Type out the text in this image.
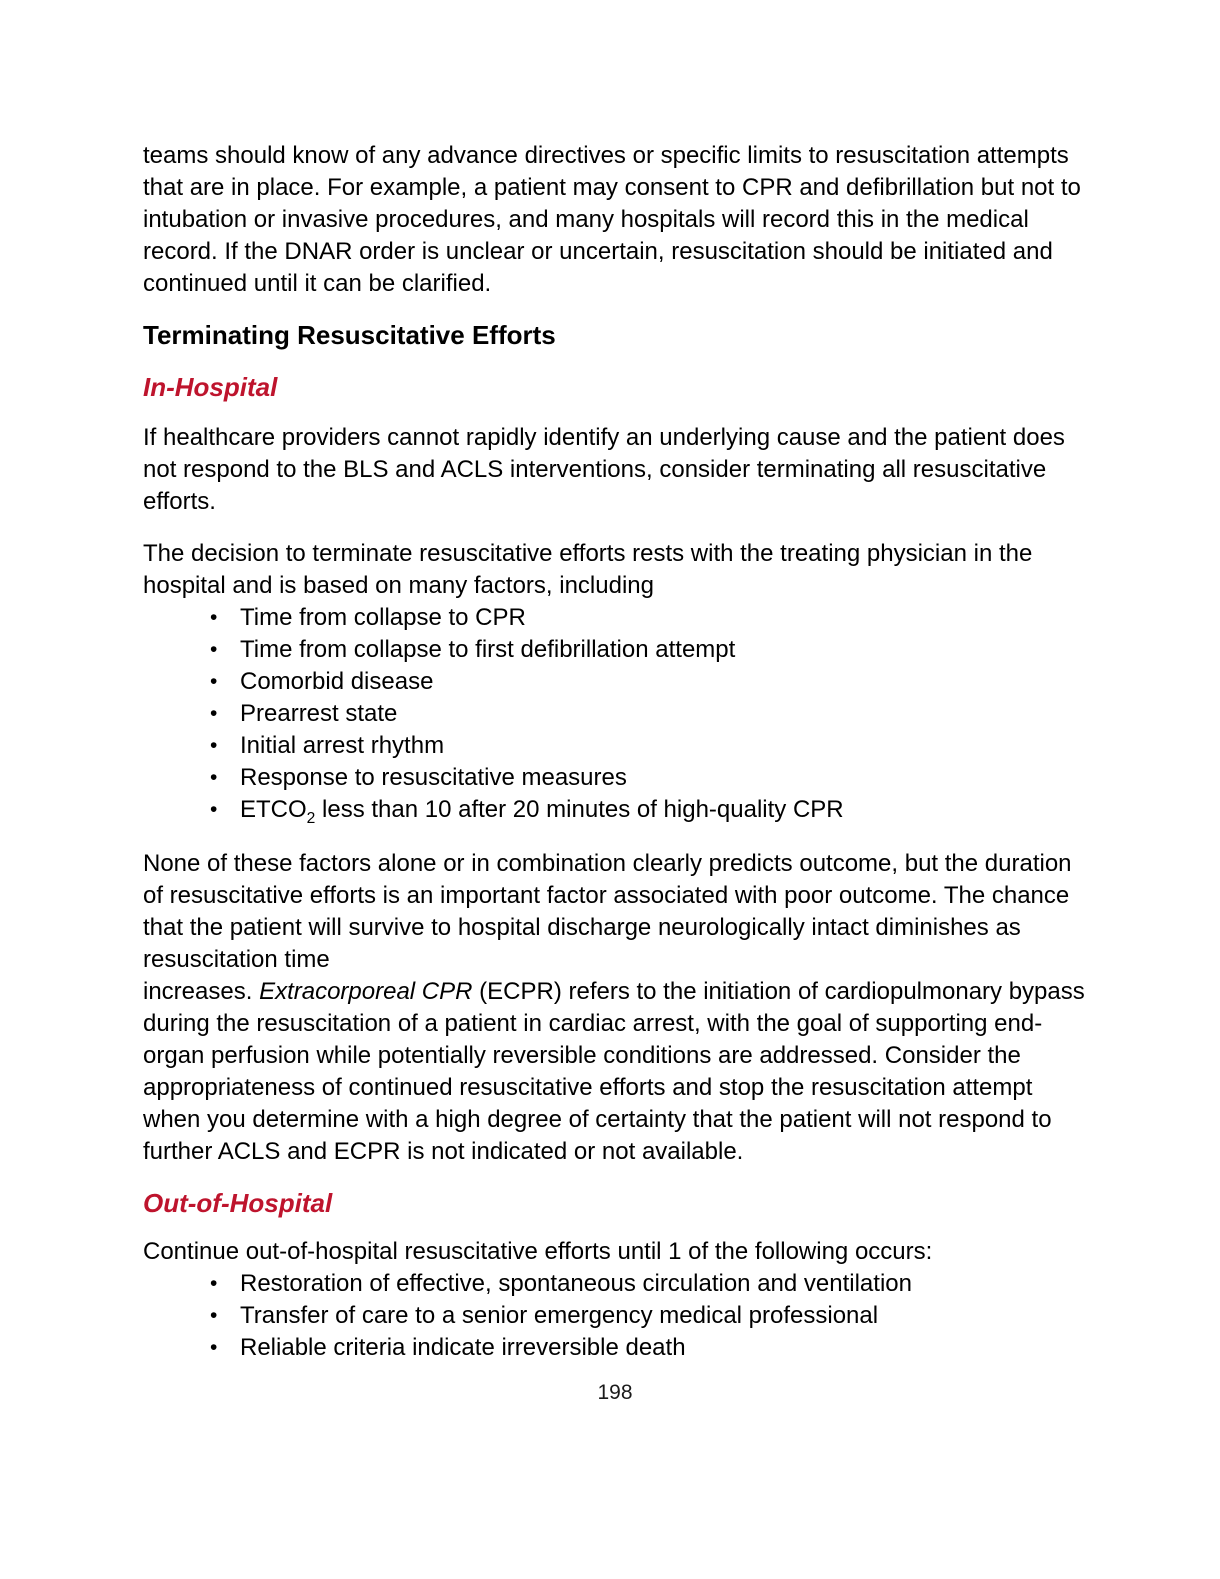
teams should know of any advance directives or specific limits to resuscitation attempts that are in place. For example, a patient may consent to CPR and defibrillation but not to intubation or invasive procedures, and many hospitals will record this in the medical record. If the DNAR order is unclear or uncertain, resuscitation should be initiated and continued until it can be clarified.

Terminating Resuscitative Efforts
In-Hospital

If healthcare providers cannot rapidly identify an underlying cause and the patient does not respond to the BLS and ACLS interventions, consider terminating all resuscitative efforts.

The decision to terminate resuscitative efforts rests with the treating physician in the hospital and is based on many factors, including

•
Time from collapse to CPR
•
Time from collapse to first defibrillation attempt
•
Comorbid disease
•
Prearrest state
•
Initial arrest rhythm
•
Response to resuscitative measures
•
$ETCO_2$ less than 10 after 20 minutes of high-quality CPR

None of these factors alone or in combination clearly predicts outcome, but the duration of resuscitative efforts is an important factor associated with poor outcome. The chance that the patient will survive to hospital discharge neurologically intact diminishes as resuscitation time
increases. Extracorporeal CPR (ECPR) refers to the initiation of cardiopulmonary bypass during the resuscitation of a patient in cardiac arrest, with the goal of supporting end-organ perfusion while potentially reversible conditions are addressed. Consider the appropriateness of continued resuscitative efforts and stop the resuscitation attempt when you determine with a high degree of certainty that the patient will not respond to further ACLS and ECPR is not indicated or not available.

Out-of-Hospital

Continue out-of-hospital resuscitative efforts until 1 of the following occurs:

•
Restoration of effective, spontaneous circulation and ventilation
•
Transfer of care to a senior emergency medical professional
•
Reliable criteria indicate irreversible death
198
